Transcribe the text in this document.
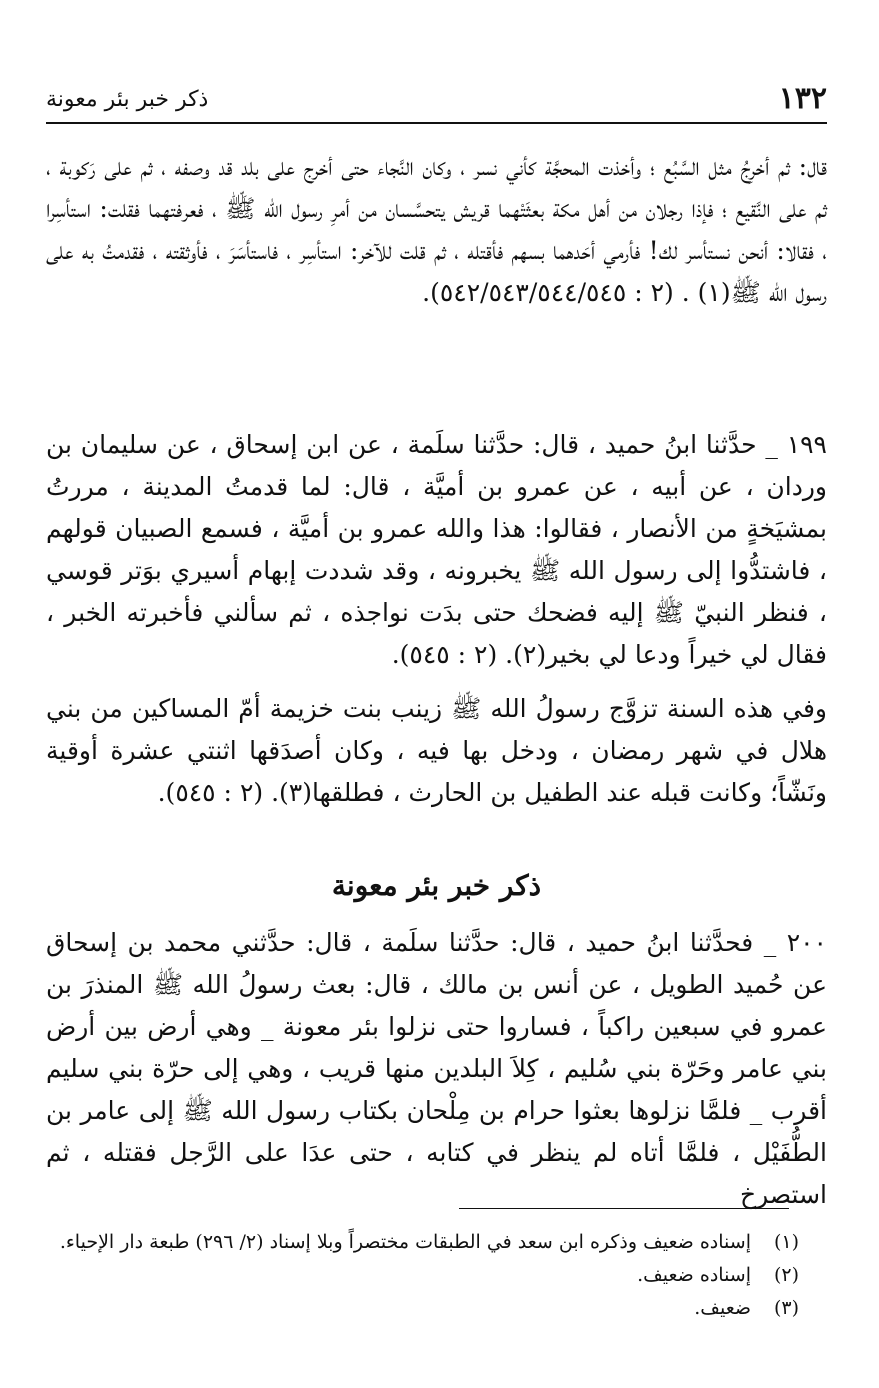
١٣٢
ذكر خبر بئر معونة

قال: ثم أخرِجُ مثل السَّبُع ؛ وأخذت المحجَّة كأني نسر ، وكان النَّجاء حتى أخرج على بلد قد وصفه ، ثم على رَكوبة ، ثم على النَّقيع ؛ فإذا رجلان من أهل مكة بعثَتْهما قريش يتحسَّسان من أمرِ رسول الله ﷺ ، فعرفتهما فقلت: استأسِرا ، فقالا: أنحن نستأسر لك! فأرمي أحَدهما بسهم فأقتله ، ثم قلت للآخر: استأسِر ، فاستأسَرَ ، فأوثقته ، فقدمتُ به على رسول الله ﷺ(١) . (٢ : ٥٤٢/٥٤٣/٥٤٤/٥٤٥).

١٩٩ _ حدَّثنا ابنُ حميد ، قال: حدَّثنا سلَمة ، عن ابن إسحاق ، عن سليمان بن وردان ، عن أبيه ، عن عمرو بن أميَّة ، قال: لما قدمتُ المدينة ، مررتُ بمشيَخةٍ من الأنصار ، فقالوا: هذا والله عمرو بن أميَّة ، فسمع الصبيان قولهم ، فاشتدُّوا إلى رسول الله ﷺ يخبرونه ، وقد شددت إبهام أسيري بوَتر قوسي ، فنظر النبيّ ﷺ إليه فضحك حتى بدَت نواجذه ، ثم سألني فأخبرته الخبر ، فقال لي خيراً ودعا لي بخير(٢). (٢ : ٥٤٥).

وفي هذه السنة تزوَّج رسولُ الله ﷺ زينب بنت خزيمة أمّ المساكين من بني هلال في شهر رمضان ، ودخل بها فيه ، وكان أصدَقها اثنتي عشرة أوقية ونَشّاً؛ وكانت قبله عند الطفيل بن الحارث ، فطلقها(٣). (٢ : ٥٤٥).

ذكر خبر بئر معونة

٢٠٠ _ فحدَّثنا ابنُ حميد ، قال: حدَّثنا سلَمة ، قال: حدَّثني محمد بن إسحاق عن حُميد الطويل ، عن أنس بن مالك ، قال: بعث رسولُ الله ﷺ المنذرَ بن عمرو في سبعين راكباً ، فساروا حتى نزلوا بئر معونة _ وهي أرض بين أرض بني عامر وحَرّة بني سُليم ، كِلاَ البلدين منها قريب ، وهي إلى حرّة بني سليم أقرب _ فلمَّا نزلوها بعثوا حرام بن مِلْحان بكتاب رسول الله ﷺ إلى عامر بن الطُّفَيْل ، فلمَّا أتاه لم ينظر في كتابه ، حتى عدَا على الرَّجل فقتله ، ثم استصرخ

(١)
إسناده ضعيف وذكره ابن سعد في الطبقات مختصراً وبلا إسناد (٢/ ٢٩٦) طبعة دار الإحياء.
(٢)
إسناده ضعيف.
(٣)
ضعيف.
